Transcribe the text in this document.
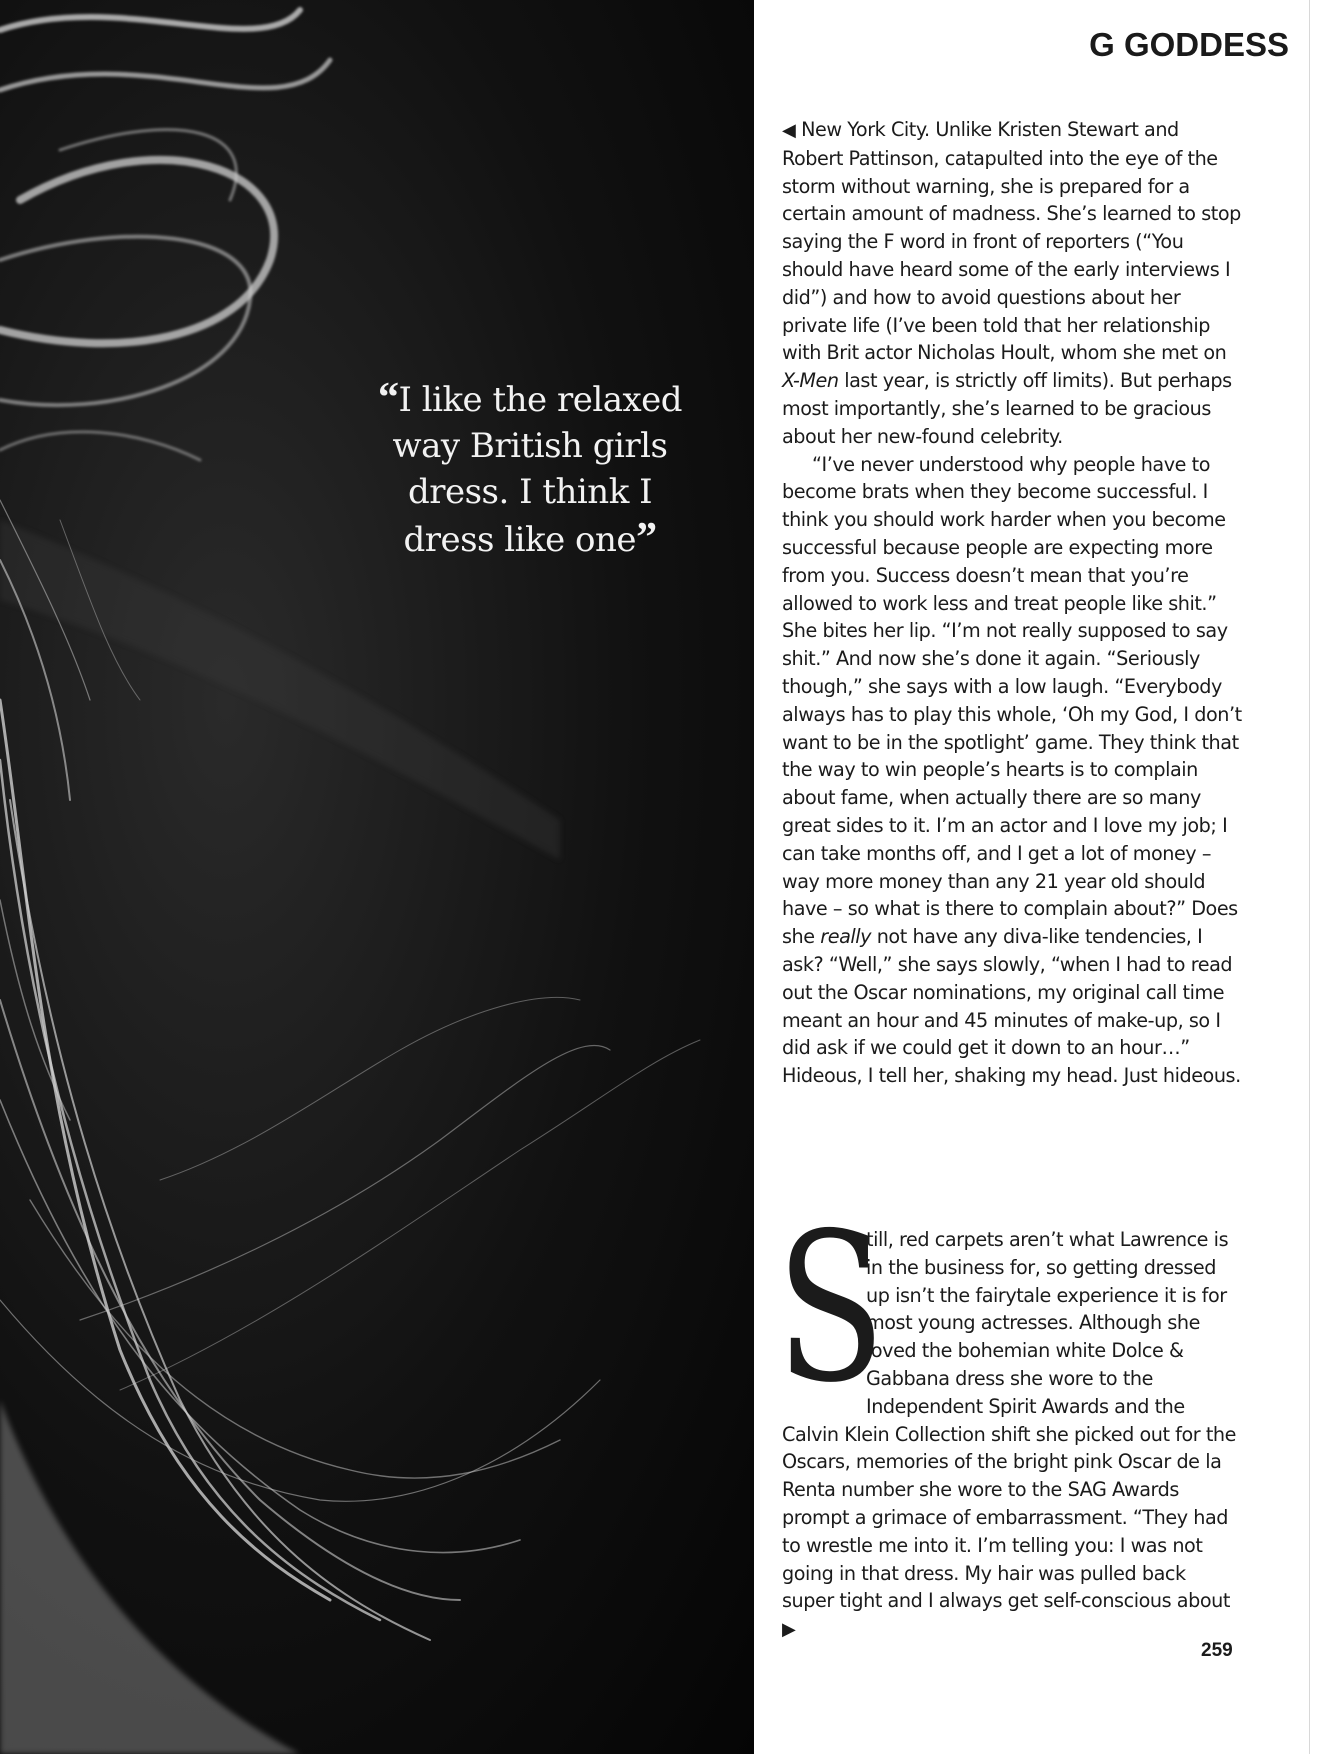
“I like the relaxed way British girls dress. I think I dress like one”
G GODDESS

◀ New York City. Unlike Kristen Stewart and Robert Pattinson, catapulted into the eye of the storm without warning, she is prepared for a certain amount of madness. She’s learned to stop saying the F word in front of reporters (“You should have heard some of the early interviews I did”) and how to avoid questions about her private life (I’ve been told that her relationship with Brit actor Nicholas Hoult, whom she met on X-Men last year, is strictly off limits). But perhaps most importantly, she’s learned to be gracious about her new-found celebrity.

“I’ve never understood why people have to become brats when they become successful. I think you should work harder when you become successful because people are expecting more from you. Success doesn’t mean that you’re allowed to work less and treat people like shit.” She bites her lip. “I’m not really supposed to say shit.” And now she’s done it again. “Seriously though,” she says with a low laugh. “Everybody always has to play this whole, ‘Oh my God, I don’t want to be in the spotlight’ game. They think that the way to win people’s hearts is to complain about fame, when actually there are so many great sides to it. I’m an actor and I love my job; I can take months off, and I get a lot of money – way more money than any 21 year old should have – so what is there to complain about?” Does she really not have any diva-like tendencies, I ask? “Well,” she says slowly, “when I had to read out the Oscar nominations, my original call time meant an hour and 45 minutes of make-up, so I did ask if we could get it down to an hour…” Hideous, I tell her, shaking my head. Just hideous.

S
till, red carpets aren’t what Lawrence is in the business for, so getting dressed up isn’t the fairytale experience it is for most young actresses. Although she loved the bohemian white Dolce & Gabbana dress she wore to the Independent Spirit Awards and the Calvin Klein Collection shift she picked out for the Oscars, memories of the bright pink Oscar de la Renta number she wore to the SAG Awards prompt a grimace of embarrassment. “They had to wrestle me into it. I’m telling you: I was not going in that dress. My hair was pulled back super tight and I always get self-conscious about ▶
259
